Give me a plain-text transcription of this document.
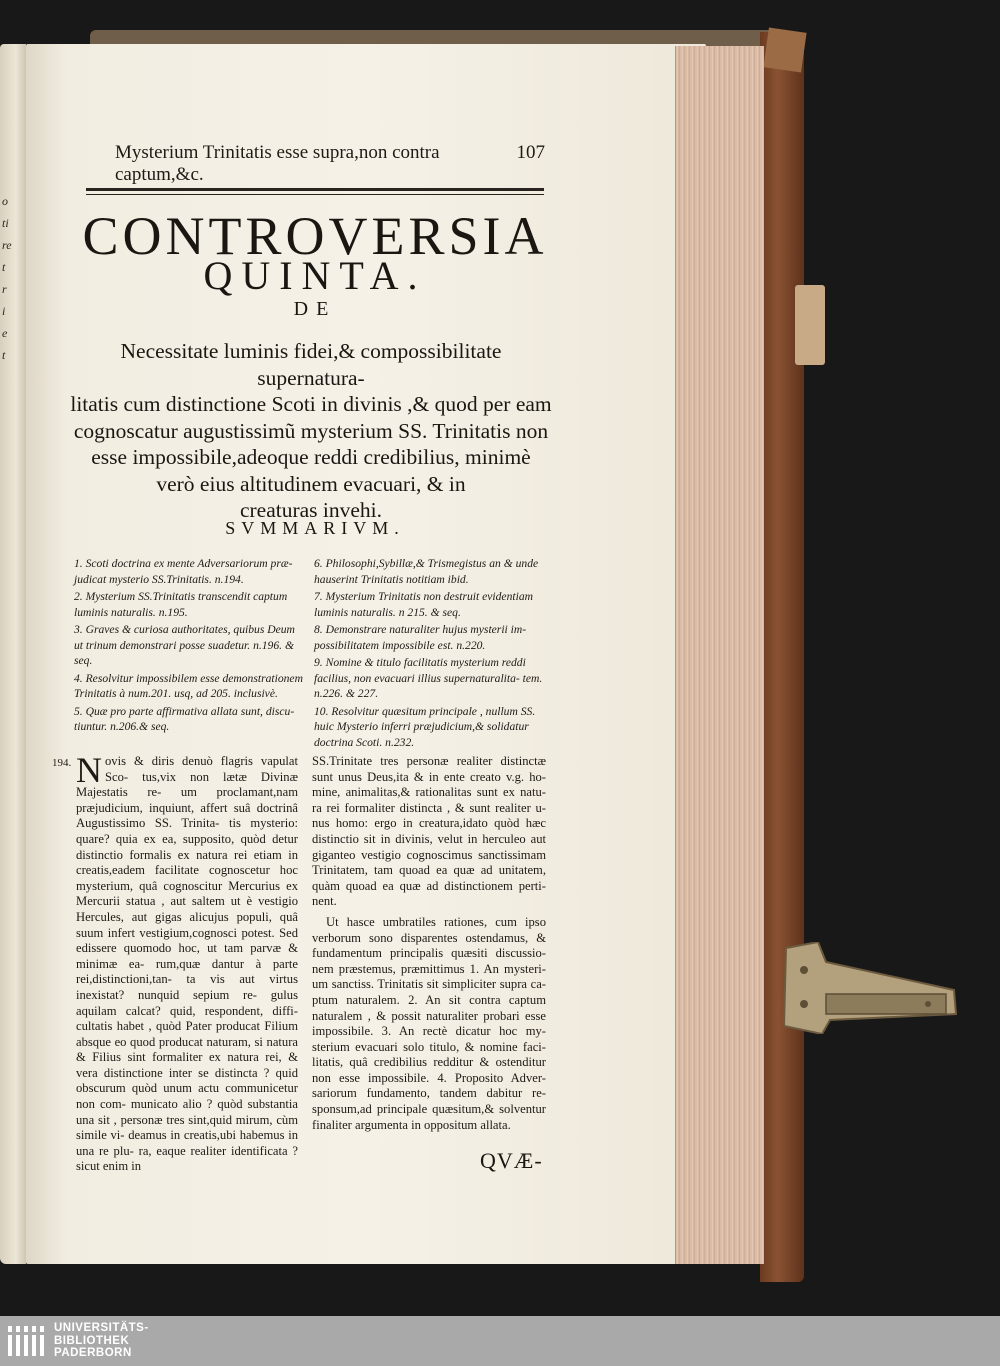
o
ti
re
t
r
i
e
t
Mysterium Trinitatis esse supra,non contra captum,&c.
107
CONTROVERSIA
QUINTA.
DE
Necessitate luminis fidei,& compossibilitate supernatura-
litatis cum distinctione Scoti in divinis ,& quod per eam
cognoscatur augustissimũ mysterium SS. Trinitatis non
esse impossibile,adeoque reddi credibilius, minimè
verò eius altitudinem evacuari, & in
creaturas invehi.
SVMMARIVM.
1. Scoti doctrina ex mente Adversariorum præ- judicat mysterio SS.Trinitatis. n.194.
2. Mysterium SS.Trinitatis transcendit captum luminis naturalis. n.195.
3. Graves & curiosa authoritates, quibus Deum ut trinum demonstrari posse suadetur. n.196. & seq.
4. Resolvitur impossibilem esse demonstrationem Trinitatis à num.201. usq, ad 205. inclusivè.
5. Quæ pro parte affirmativa allata sunt, discu- tiuntur. n.206.& seq.
6. Philosophi,Sybillæ,& Trismegistus an & unde hauserint Trinitatis notitiam ibid.
7. Mysterium Trinitatis non destruit evidentiam luminis naturalis. n 215. & seq.
8. Demonstrare naturaliter hujus mysterii im- possibilitatem impossibile est. n.220.
9. Nomine & titulo facilitatis mysterium reddi facilius, non evacuari illius supernaturalita- tem. n.226. & 227.
10. Resolvitur quæsitum principale , nullum SS. huic Mysterio inferri præjudicium,& solidatur doctrina Scoti. n.232.
194. Novis & diris denuò flagris vapulat Sco- tus,vix non lætæ Divinæ Majestatis re- um proclamant,nam præjudicium, inquiunt, affert suâ doctrinâ Augustissimo SS. Trinita- tis mysterio: quare? quia ex ea, supposito, quòd detur distinctio formalis ex natura rei etiam in creatis,eadem facilitate cognoscetur hoc mysterium, quâ cognoscitur Mercurius ex Mercurii statua , aut saltem ut è vestigio Hercules, aut gigas alicujus populi, quâ suum infert vestigium,cognosci potest. Sed edissere quomodo hoc, ut tam parvæ & minimæ ea- rum,quæ dantur à parte rei,distinctioni,tan- ta vis aut virtus inexistat? nunquid sepium re- gulus aquilam calcat? quid, respondent, diffi- cultatis habet , quòd Pater producat Filium absque eo quod producat naturam, si natura & Filius sint formaliter ex natura rei, & vera distinctione inter se distincta ? quid obscurum quòd unum actu communicetur non com- municato alio ? quòd substantia una sit , personæ tres sint,quid mirum, cùm simile vi- deamus in creatis,ubi habemus in una re plu- ra, eaque realiter identificata ? sicut enim in

SS.Trinitate tres personæ realiter distinctæ sunt unus Deus,ita & in ente creato v.g. ho- mine, animalitas,& rationalitas sunt ex natu- ra rei formaliter distincta , & sunt realiter u- nus homo: ergo in creatura,idato quòd hæc distinctio sit in divinis, velut in herculeo aut giganteo vestigio cognoscimus sanctissimam Trinitatem, tam quoad ea quæ ad unitatem, quàm quoad ea quæ ad distinctionem perti- nent.

Ut hasce umbratiles rationes, cum ipso verborum sono disparentes ostendamus, & fundamentum principalis quæsiti discussio- nem præstemus, præmittimus 1. An mysteri- um sanctiss. Trinitatis sit simpliciter supra ca- ptum naturalem. 2. An sit contra captum naturalem , & possit naturaliter probari esse impossibile. 3. An rectè dicatur hoc my- sterium evacuari solo titulo, & nomine faci- litatis, quâ credibilius redditur & ostenditur non esse impossibile. 4. Proposito Adver- sariorum fundamento, tandem dabitur re- sponsum,ad principale quæsitum,& solventur finaliter argumenta in oppositum allata.

QVÆ-
UNIVERSITÄTS-
BIBLIOTHEK
PADERBORN
